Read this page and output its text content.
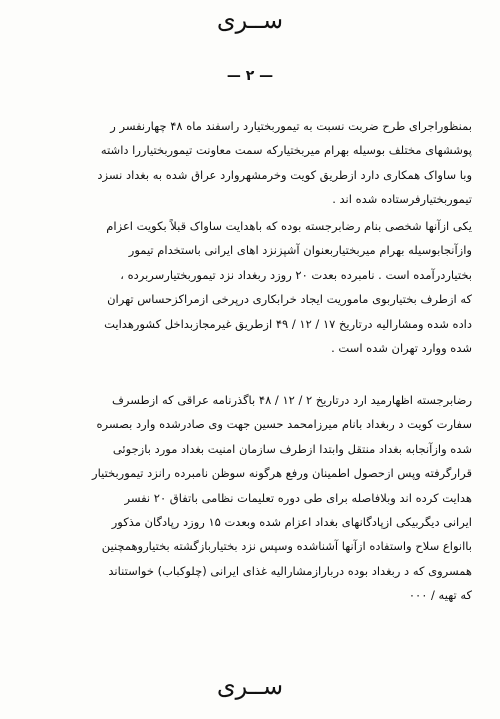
ســری
— ۲ —
بمنظوراجرای طرح ضربت نسبت به تیموربختیارد راسفند ماه ۴۸ چهارنفسر ر
پوششهای مختلف بوسیله بهرام میربختیارکه سمت معاونت تیموربختیاررا داشته
وبا ساواک همکاری دارد ازطریق کویت وخرمشهروارد عراق شده به بغداد نسزد
تیموربختیارفرستاده شده اند .
یکی ازآنها شخصی بنام رضابرجسته بوده که باهدایت ساواک قبلاً بکویت اعزام
وازآنجابوسیله بهرام میربختیاربعنوان آشپزنزد اهای ایرانی باستخدام تیمور
بختیاردرآمده است . نامبرده بعدت ۲۰ روزد ربغداد نزد تیموربختیارسربرده ،
که ازطرف بختیاربوی ماموریت ایجاد خرابکاری درپرخی ازمراکزحساس تهران
داده شده ومشارالیه درتاریخ ۱۷ / ۱۲ / ۴۹ ازطریق غیرمجازبداخل کشورهدایت
شده ووارد تهران شده است .
رضابرجسته اظهارمید ارد درتاریخ ۲ / ۱۲ / ۴۸ باگذرنامه عراقی که ازطسرف
سفارت کویت د ربغداد بانام میرزامحمد حسین جهت وی صادرشده وارد بصسره
شده وازآنجابه بغداد منتقل وابتدا ازطرف سازمان امنیت بغداد مورد بازجوئی
قرارگرفته وپس ازحصول اطمینان ورفع هرگونه سوظن نامبرده رانزد تیموربختیار
هدایت کرده اند وبلافاصله برای طی دوره تعلیمات نظامی باتفاق ۲۰ نفسر
ایرانی دیگربیکی ازپادگانهای بغداد اعزام شده وبعدت ۱۵ روزد رپادگان مذکور
باانواع سلاح واستفاده ازآنها آشناشده وسپس نزد بختیاربازگشته بختیاروهمچنین
همسروی که د ربغداد بوده دربارازمشارالیه غذای ایرانی (چلوکباب) خواستناند
که تهیه / ۰۰۰
ســری
